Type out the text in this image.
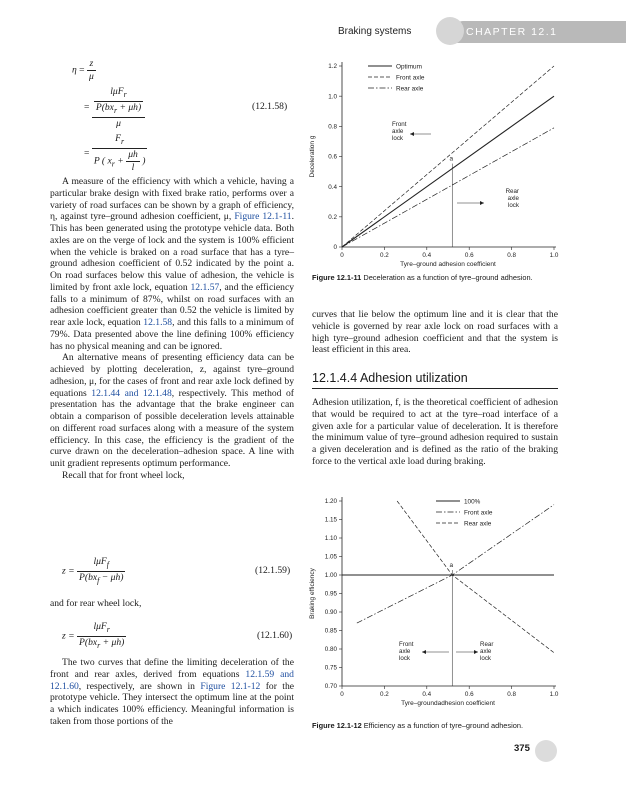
Braking systems	CHAPTER 12.1
$\eta = \frac{z}{\mu}$
= $\frac{\frac{l\mu F_r}{P(bx_r + \mu h)}}{\mu}$
= $\frac{F_r}{P ( x_r + \frac{\mu h}{l} )}$
(12.1.58)

A measure of the efficiency with which a vehicle, having a particular brake design with fixed brake ratio, performs over a variety of road surfaces can be shown by a graph of efficiency, η, against tyre–ground adhesion coefficient, μ, Figure 12.1-11. This has been generated using the prototype vehicle data. Both axles are on the verge of lock and the system is 100% efficient when the vehicle is braked on a road surface that has a tyre–ground adhesion coefficient of 0.52 indicated by the point a. On road surfaces below this value of adhesion, the vehicle is limited by front axle lock, equation 12.1.57, and the efficiency falls to a minimum of 87%, whilst on road surfaces with an adhesion coefficient greater than 0.52 the vehicle is limited by rear axle lock, equation 12.1.58, and this falls to a minimum of 79%. Data presented above the line defining 100% efficiency has no physical meaning and can be ignored.

An alternative means of presenting efficiency data can be achieved by plotting deceleration, z, against tyre–ground adhesion, μ, for the cases of front and rear axle lock defined by equations 12.1.44 and 12.1.48, respectively. This method of presentation has the advantage that the brake engineer can obtain a comparison of possible deceleration levels attainable on different road surfaces along with a measure of the system efficiency. In this case, the efficiency is the gradient of the curve drawn on the deceleration–adhesion space. A line with unit gradient represents optimum performance.

Recall that for front wheel lock,

$z = \frac{l\mu F_f}{P(bx_f - \mu h)}$	(12.1.59)

and for rear wheel lock,

$z = \frac{l\mu F_r}{P(bx_r + \mu h)}$	(12.1.60)

The two curves that define the limiting deceleration of the front and rear axles, derived from equations 12.1.59 and 12.1.60, respectively, are shown in Figure 12.1-12 for the prototype vehicle. They intersect the optimum line at the point a which indicates 100% efficiency. Meaningful information is taken from those portions of the

0	0.2	0.4	0.6	0.8	1.0
0
0.2
0.4
0.6
0.8
1.0
1.2
Tyre–ground adhesion coefficient
Deceleration g
Optimum
Front axle
Rear axle
a
Front
axle
lock
Rear
axle
lock
Figure 12.1-11 Deceleration as a function of tyre–ground adhesion.

curves that lie below the optimum line and it is clear that the vehicle is governed by rear axle lock on road surfaces with a high tyre–ground adhesion coefficient and that the system is least efficient in this area.

12.1.4.4 Adhesion utilization

Adhesion utilization, f, is the theoretical coefficient of adhesion that would be required to act at the tyre–road interface of a given axle for a particular value of deceleration. It is therefore the minimum value of tyre–ground adhesion required to sustain a given deceleration and is defined as the ratio of the braking force to the vertical axle load during braking.

0	0.2	0.4	0.6	0.8	1.0
0.70
0.75
0.80
0.85
0.90
0.95
1.00
1.05
1.10
1.15
1.20
Tyre–groundadhesion coefficient
Braking efficiency
100%
Front axle
Rear axle
a
Front
axle
lock
Rear
axle
lock
Figure 12.1-12 Efficiency as a function of tyre–ground adhesion.
375
